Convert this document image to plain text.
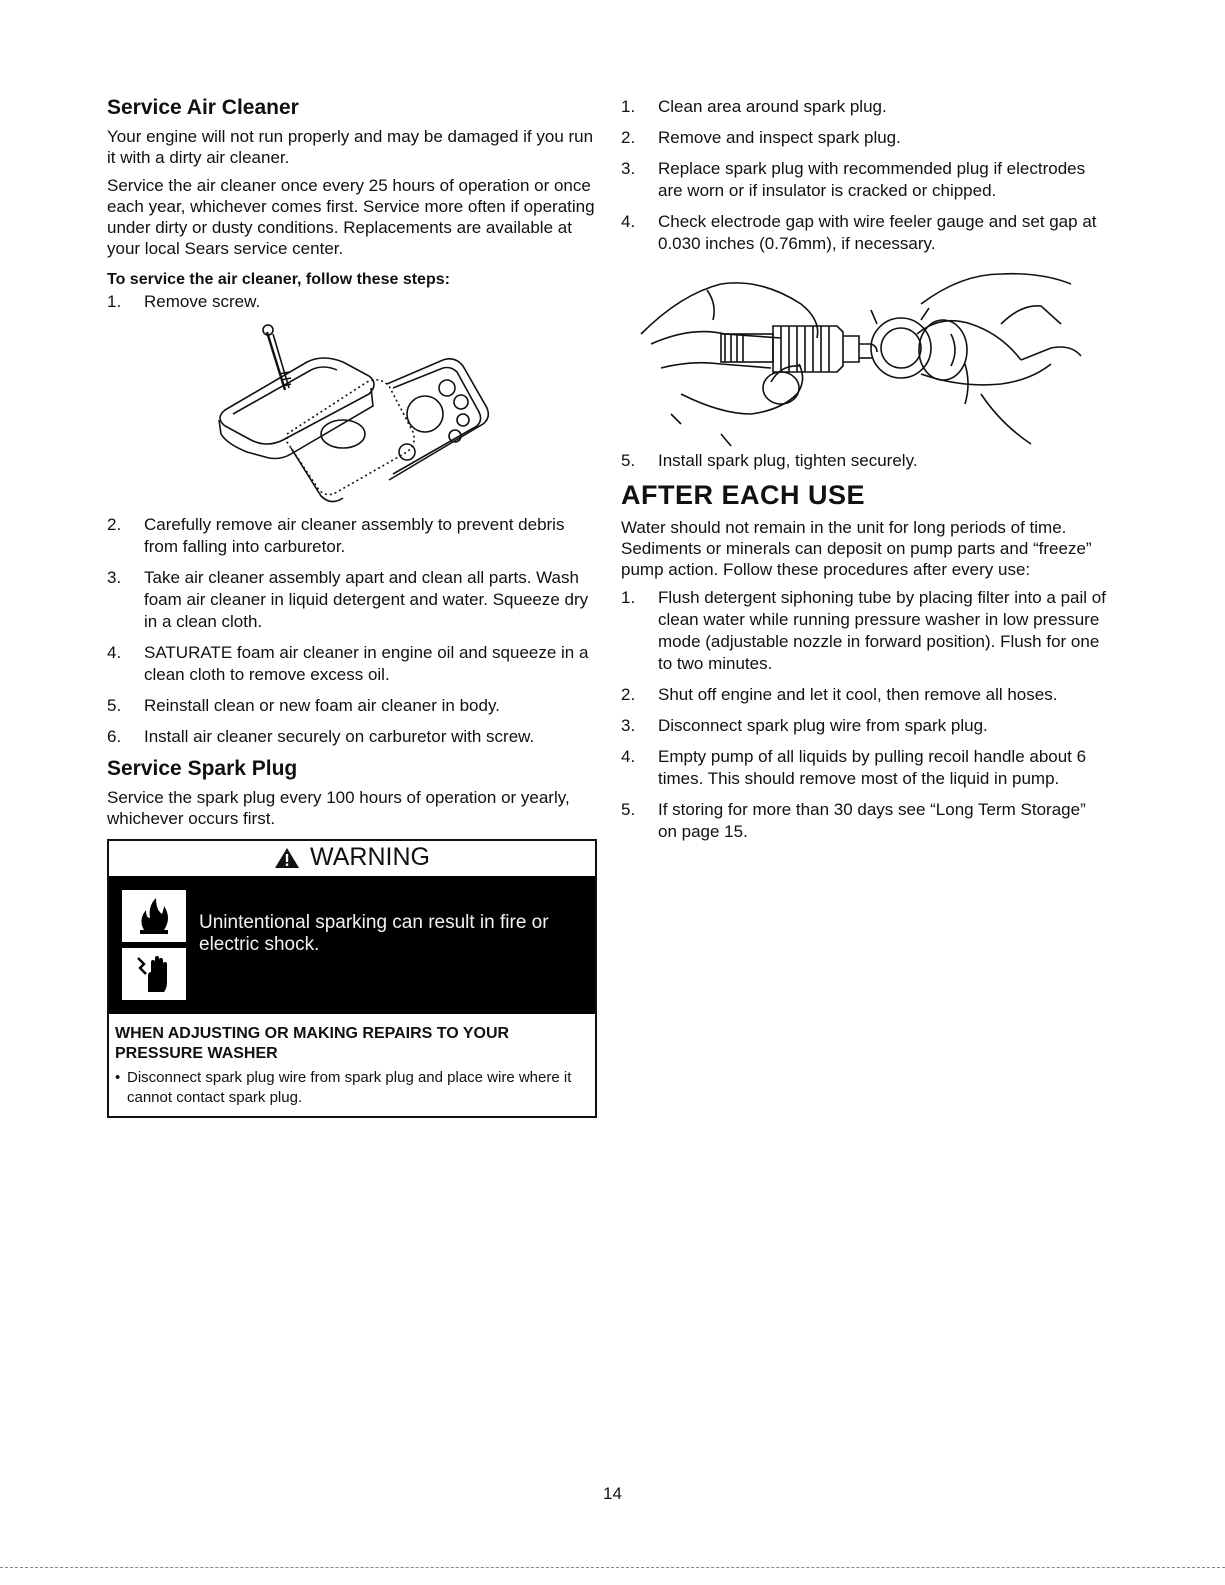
Service Air Cleaner

Your engine will not run properly and may be damaged if you run it with a dirty air cleaner.

Service the air cleaner once every 25 hours of operation or once each year, whichever comes first. Service more often if operating under dirty or dusty conditions. Replacements are available at your local Sears service center.

To service the air cleaner, follow these steps:
1. Remove screw.
2. Carefully remove air cleaner assembly to prevent debris from falling into carburetor.
3. Take air cleaner assembly apart and clean all parts. Wash foam air cleaner in liquid detergent and water. Squeeze dry in a clean cloth.
4. SATURATE foam air cleaner in engine oil and squeeze in a clean cloth to remove excess oil.
5. Reinstall clean or new foam air cleaner in body.
6. Install air cleaner securely on carburetor with screw.
Service Spark Plug

Service the spark plug every 100 hours of operation or yearly, whichever occurs first.

WARNING
Unintentional sparking can result in fire or electric shock.
WHEN ADJUSTING OR MAKING REPAIRS TO YOUR PRESSURE WASHER
• Disconnect spark plug wire from spark plug and place wire where it cannot contact spark plug.
1. Clean area around spark plug.
2. Remove and inspect spark plug.
3. Replace spark plug with recommended plug if electrodes are worn or if insulator is cracked or chipped.
4. Check electrode gap with wire feeler gauge and set gap at 0.030 inches (0.76mm), if necessary.
5. Install spark plug, tighten securely.
AFTER EACH USE

Water should not remain in the unit for long periods of time. Sediments or minerals can deposit on pump parts and “freeze” pump action. Follow these procedures after every use:

1. Flush detergent siphoning tube by placing filter into a pail of clean water while running pressure washer in low pressure mode (adjustable nozzle in forward position). Flush for one to two minutes.
2. Shut off engine and let it cool, then remove all hoses.
3. Disconnect spark plug wire from spark plug.
4. Empty pump of all liquids by pulling recoil handle about 6 times. This should remove most of the liquid in pump.
5. If storing for more than 30 days see “Long Term Storage” on page 15.
14
